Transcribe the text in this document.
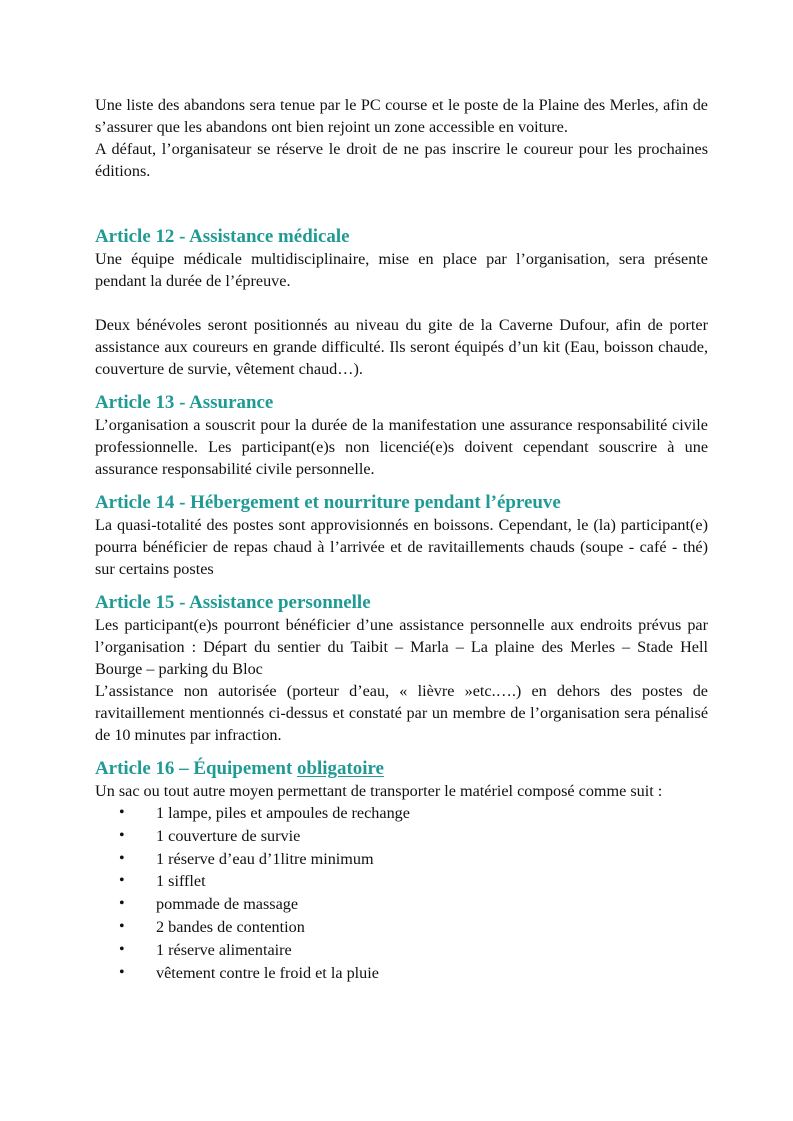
Une liste des abandons sera tenue par le PC course et le poste de la Plaine des Merles, afin de s’assurer que les abandons ont bien rejoint un zone accessible en voiture.

A défaut, l’organisateur se réserve le droit de ne pas inscrire le coureur pour les prochaines éditions.

Article 12 - Assistance médicale

Une équipe médicale multidisciplinaire, mise en place par l’organisation, sera présente pendant la durée de l’épreuve.

Deux bénévoles seront positionnés au niveau du gite de la Caverne Dufour, afin de porter assistance aux coureurs en grande difficulté. Ils seront équipés d’un kit (Eau, boisson chaude, couverture de survie, vêtement chaud…).

Article 13 - Assurance

L’organisation a souscrit pour la durée de la manifestation une assurance responsabilité civile professionnelle. Les participant(e)s non licencié(e)s doivent cependant souscrire à une assurance responsabilité civile personnelle.

Article 14 - Hébergement et nourriture pendant l’épreuve

La quasi-totalité des postes sont approvisionnés en boissons. Cependant, le (la) participant(e) pourra bénéficier de repas chaud à l’arrivée et de ravitaillements chauds (soupe - café - thé) sur certains postes

Article 15 - Assistance personnelle

Les participant(e)s pourront bénéficier d’une assistance personnelle aux endroits prévus par l’organisation : Départ du sentier du Taibit – Marla – La plaine des Merles – Stade Hell Bourge – parking du Bloc

L’assistance non autorisée (porteur d’eau, « lièvre »etc.….) en dehors des postes de ravitaillement mentionnés ci-dessus et constaté par un membre de l’organisation sera pénalisé de 10 minutes par infraction.

Article 16 – Équipement obligatoire

Un sac ou tout autre moyen permettant de transporter le matériel composé comme suit :

• 1 lampe, piles et ampoules de rechange
• 1 couverture de survie
• 1 réserve d’eau d’1litre minimum
• 1 sifflet
• pommade de massage
• 2 bandes de contention
• 1 réserve alimentaire
• vêtement contre le froid et la pluie
